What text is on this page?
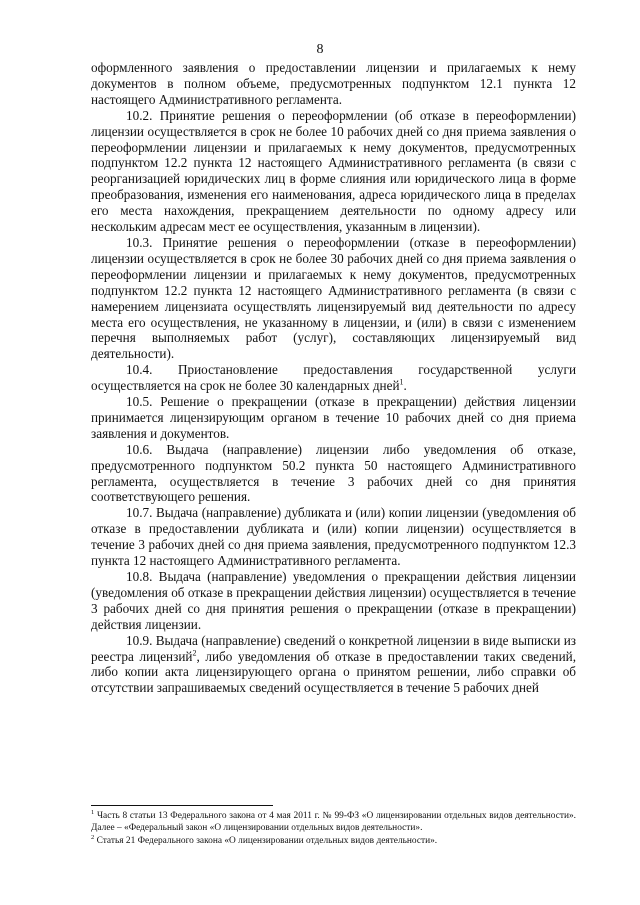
8

оформленного заявления о предоставлении лицензии и прилагаемых к нему документов в полном объеме, предусмотренных подпунктом 12.1 пункта 12 настоящего Административного регламента.

10.2. Принятие решения о переоформлении (об отказе в переоформлении) лицензии осуществляется в срок не более 10 рабочих дней со дня приема заявления о переоформлении лицензии и прилагаемых к нему документов, предусмотренных подпунктом 12.2 пункта 12 настоящего Административного регламента (в связи с реорганизацией юридических лиц в форме слияния или юридического лица в форме преобразования, изменения его наименования, адреса юридического лица в пределах его места нахождения, прекращением деятельности по одному адресу или нескольким адресам мест ее осуществления, указанным в лицензии).

10.3. Принятие решения о переоформлении (отказе в переоформлении) лицензии осуществляется в срок не более 30 рабочих дней со дня приема заявления о переоформлении лицензии и прилагаемых к нему документов, предусмотренных подпунктом 12.2 пункта 12 настоящего Административного регламента (в связи с намерением лицензиата осуществлять лицензируемый вид деятельности по адресу места его осуществления, не указанному в лицензии, и (или) в связи с изменением перечня выполняемых работ (услуг), составляющих лицензируемый вид деятельности).

10.4. Приостановление предоставления государственной услуги осуществляется на срок не более 30 календарных дней$^1$.

10.5. Решение о прекращении (отказе в прекращении) действия лицензии принимается лицензирующим органом в течение 10 рабочих дней со дня приема заявления и документов.

10.6. Выдача (направление) лицензии либо уведомления об отказе, предусмотренного подпунктом 50.2 пункта 50 настоящего Административного регламента, осуществляется в течение 3 рабочих дней со дня принятия соответствующего решения.

10.7. Выдача (направление) дубликата и (или) копии лицензии (уведомления об отказе в предоставлении дубликата и (или) копии лицензии) осуществляется в течение 3 рабочих дней со дня приема заявления, предусмотренного подпунктом 12.3 пункта 12 настоящего Административного регламента.

10.8. Выдача (направление) уведомления о прекращении действия лицензии (уведомления об отказе в прекращении действия лицензии) осуществляется в течение 3 рабочих дней со дня принятия решения о прекращении (отказе в прекращении) действия лицензии.

10.9. Выдача (направление) сведений о конкретной лицензии в виде выписки из реестра лицензий$^2$, либо уведомления об отказе в предоставлении таких сведений, либо копии акта лицензирующего органа о принятом решении, либо справки об отсутствии запрашиваемых сведений осуществляется в течение 5 рабочих дней

$^1$ Часть 8 статьи 13 Федерального закона от 4 мая 2011 г. № 99-ФЗ «О лицензировании отдельных видов деятельности». Далее – «Федеральный закон «О лицензировании отдельных видов деятельности».

$^2$ Статья 21 Федерального закона «О лицензировании отдельных видов деятельности».
